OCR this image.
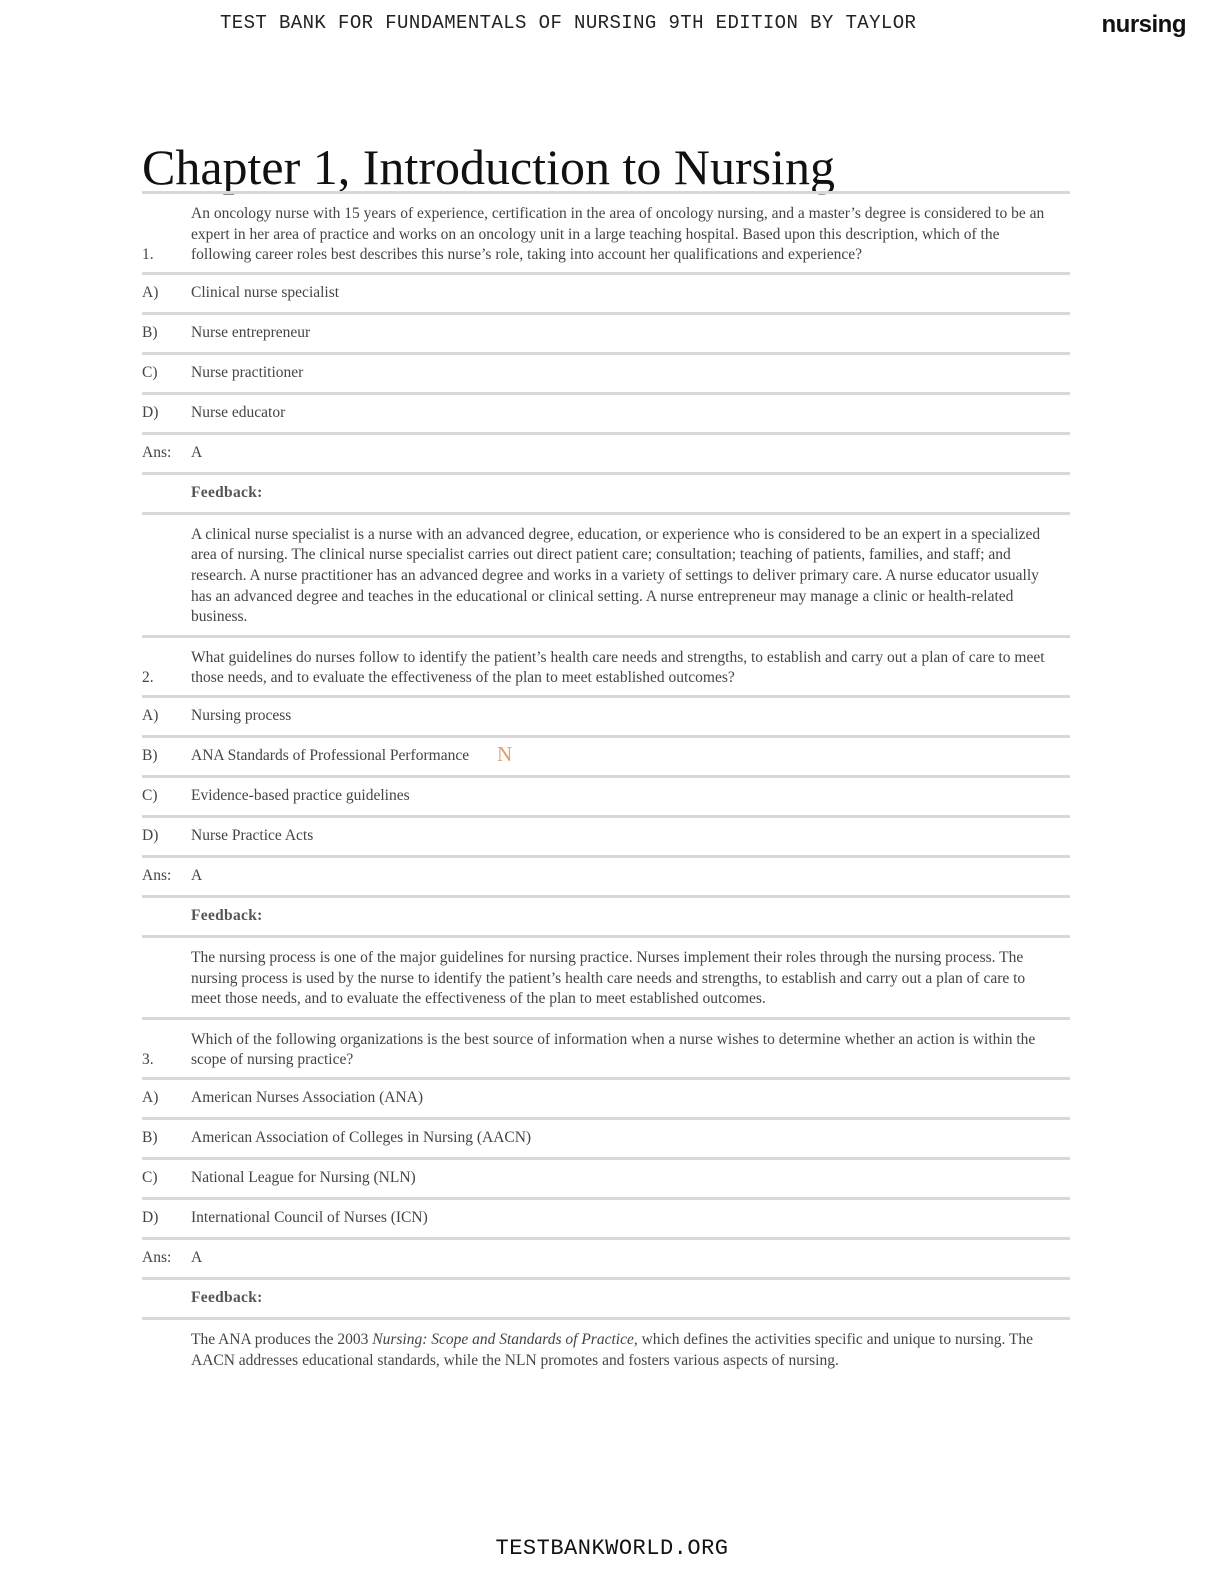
TEST BANK FOR FUNDAMENTALS OF NURSING 9TH EDITION BY TAYLOR	nursing
Chapter 1, Introduction to Nursing
1.
An oncology nurse with 15 years of experience, certification in the area of oncology nursing, and a master’s degree is considered to be an expert in her area of practice and works on an oncology unit in a large teaching hospital. Based upon this description, which of the following career roles best describes this nurse’s role, taking into account her qualifications and experience?
A)	Clinical nurse specialist
B)	Nurse entrepreneur
C)	Nurse practitioner
D)	Nurse educator
Ans:	A
Feedback:
A clinical nurse specialist is a nurse with an advanced degree, education, or experience who is considered to be an expert in a specialized area of nursing. The clinical nurse specialist carries out direct patient care; consultation; teaching of patients, families, and staff; and research. A nurse practitioner has an advanced degree and works in a variety of settings to deliver primary care. A nurse educator usually has an advanced degree and teaches in the educational or clinical setting. A nurse entrepreneur may manage a clinic or health-related business.
2.
What guidelines do nurses follow to identify the patient’s health care needs and strengths, to establish and carry out a plan of care to meet those needs, and to evaluate the effectiveness of the plan to meet established outcomes?
A)	Nursing process
B)	ANA Standards of Professional Performance	N
C)	Evidence-based practice guidelines
D)	Nurse Practice Acts
Ans:	A
Feedback:
The nursing process is one of the major guidelines for nursing practice. Nurses implement their roles through the nursing process. The nursing process is used by the nurse to identify the patient’s health care needs and strengths, to establish and carry out a plan of care to meet those needs, and to evaluate the effectiveness of the plan to meet established outcomes.
3.
Which of the following organizations is the best source of information when a nurse wishes to determine whether an action is within the scope of nursing practice?
A)	American Nurses Association (ANA)
B)	American Association of Colleges in Nursing (AACN)
C)	National League for Nursing (NLN)
D)	International Council of Nurses (ICN)
Ans:	A
Feedback:
The ANA produces the 2003 Nursing: Scope and Standards of Practice, which defines the activities specific and unique to nursing. The AACN addresses educational standards, while the NLN promotes and fosters various aspects of nursing.
TESTBANKWORLD.ORG
